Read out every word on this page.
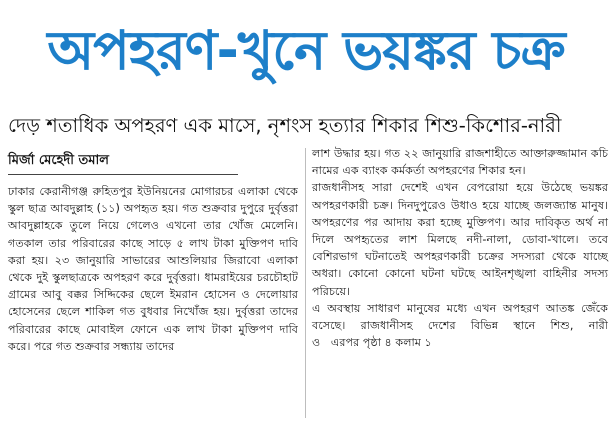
অপহরণ-খুনে ভয়ঙ্কর চক্র
দেড় শতাধিক অপহরণ এক মাসে, নৃশংস হত্যার শিকার শিশু-কিশোর-নারী
মির্জা মেহেদী তমাল

ঢাকার কেরানীগঞ্জ রুহিতপুর ইউনিয়নের মোগারচর এলাকা থেকে স্কুল ছাত্র আবদুল্লাহ (১১) অপহৃত হয়। গত শুক্রবার দুপুরে দুর্বৃত্তরা আবদুল্লাহকে তুলে নিয়ে গেলেও এখনো তার খোঁজ মেলেনি। গতকাল তার পরিবারের কাছে সাড়ে ৫ লাখ টাকা মুক্তিপণ দাবি করা হয়। ২৩ জানুয়ারি সাভারের আশুলিয়ার জিরাবো এলাকা থেকে দুই স্কুলছাত্রকে অপহরণ করে দুর্বৃত্তরা। ধামরাইয়ের চরচৌহাট গ্রামের আবু বক্কর সিদ্দিকের ছেলে ইমরান হোসেন ও দেলোয়ার হোসেনের ছেলে শাকিল গত বুধবার নিখোঁজ হয়। দুর্বৃত্তরা তাদের পরিবারের কাছে মোবাইল ফোনে এক লাখ টাকা মুক্তিপণ দাবি করে। পরে গত শুক্রবার সন্ধ্যায় তাদের

লাশ উদ্ধার হয়। গত ২২ জানুয়ারি রাজশাহীতে আক্তারুজ্জামান কচি নামের এক ব্যাংক কর্মকর্তা অপহরণের শিকার হন।

রাজধানীসহ সারা দেশেই এখন বেপরোয়া হয়ে উঠেছে ভয়ঙ্কর অপহরণকারী চক্র। দিনদুপুরেও উধাও হয়ে যাচ্ছে জলজ্যান্ত মানুষ। অপহরণের পর আদায় করা হচ্ছে মুক্তিপণ। আর দাবিকৃত অর্থ না দিলে অপহৃতের লাশ মিলছে নদী-নালা, ডোবা-খালে। তবে বেশিরভাগ ঘটনাতেই অপহরণকারী চক্রের সদস্যরা থেকে যাচ্ছে অধরা। কোনো কোনো ঘটনা ঘটছে আইনশৃঙ্খলা বাহিনীর সদস্য পরিচয়ে।

এ অবস্থায় সাধারণ মানুষের মধ্যে এখন অপহরণ আতঙ্ক জেঁকে বসেছে। রাজধানীসহ দেশের বিভিন্ন স্থানে শিশু, নারী ও এরপর পৃষ্ঠা ৪ কলাম ১
